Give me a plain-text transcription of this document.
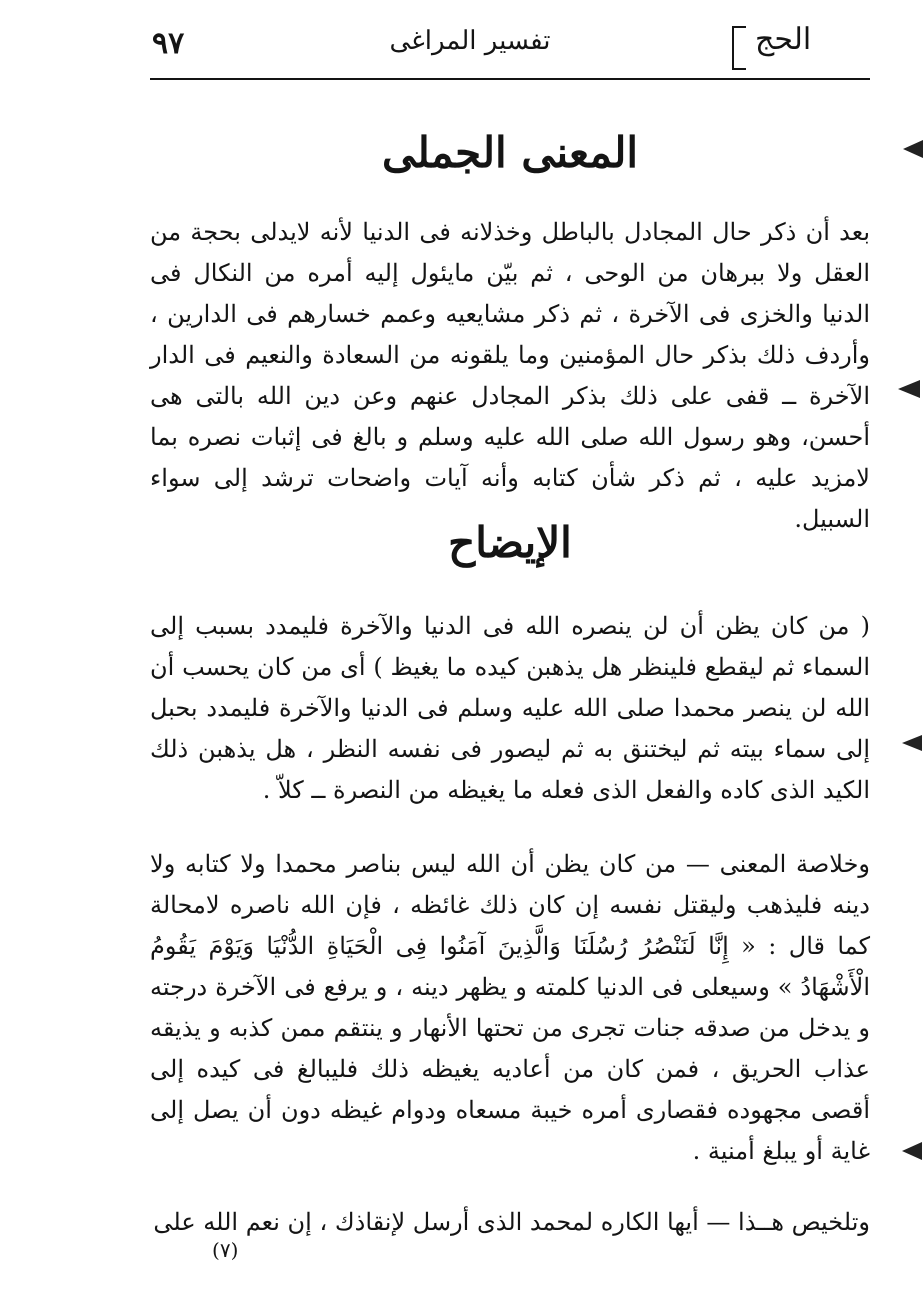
٩٧	تفسير المراغى	الحج
المعنى الجملى

بعد أن ذكر حال المجادل بالباطل وخذلانه فى الدنيا لأنه لايدلى بحجة من العقل ولا ببرهان من الوحى ، ثم بيّن مايئول إليه أمره من النكال فى الدنيا والخزى فى الآخرة ، ثم ذكر مشايعيه وعمم خسارهم فى الدارين ، وأردف ذلك بذكر حال المؤمنين وما يلقونه من السعادة والنعيم فى الدار الآخرة ــ قفى على ذلك بذكر المجادل عنهم وعن دين الله بالتى هى أحسن، وهو رسول الله صلى الله عليه وسلم و بالغ فى إثبات نصره بما لامزيد عليه ، ثم ذكر شأن كتابه وأنه آيات واضحات ترشد إلى سواء السبيل.

الإيضاح

( من كان يظن أن لن ينصره الله فى الدنيا والآخرة فليمدد بسبب إلى السماء ثم ليقطع فلينظر هل يذهبن كيده ما يغيظ ) أى من كان يحسب أن الله لن ينصر محمدا صلى الله عليه وسلم فى الدنيا والآخرة فليمدد بحبل إلى سماء بيته ثم ليختنق به ثم ليصور فى نفسه النظر ، هل يذهبن ذلك الكيد الذى كاده والفعل الذى فعله ما يغيظه من النصرة ــ كلاّ .

وخلاصة المعنى — من كان يظن أن الله ليس بناصر محمدا ولا كتابه ولا دينه فليذهب وليقتل نفسه إن كان ذلك غائظه ، فإن الله ناصره لامحالة كما قال : « إِنَّا لَنَنْصُرُ رُسُلَنَا وَالَّذِينَ آمَنُوا فِى الْحَيَاةِ الدُّنْيَا وَيَوْمَ يَقُومُ الْأَشْهَادُ » وسيعلى فى الدنيا كلمته و يظهر دينه ، و يرفع فى الآخرة درجته و يدخل من صدقه جنات تجرى من تحتها الأنهار و ينتقم ممن كذبه و يذيقه عذاب الحريق ، فمن كان من أعاديه يغيظه ذلك فليبالغ فى كيده إلى أقصى مجهوده فقصارى أمره خيبة مسعاه ودوام غيظه دون أن يصل إلى غاية أو يبلغ أمنية .

وتلخيص هــذا — أيها الكاره لمحمد الذى أرسل لإنقاذك ، إن نعم الله على

(٧)
